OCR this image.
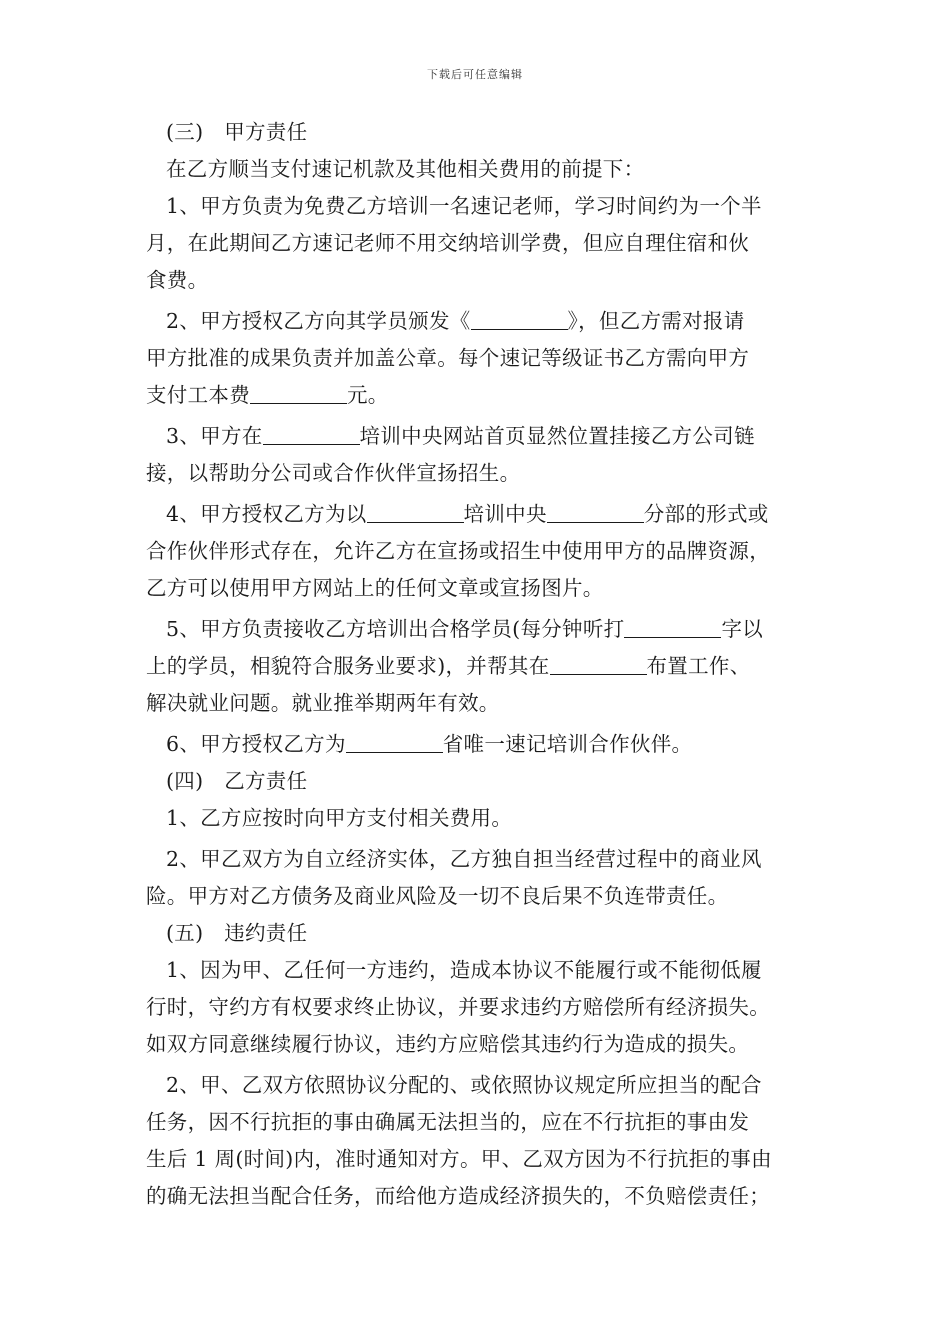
下载后可任意编辑
(三)　甲方责任
在乙方顺当支付速记机款及其他相关费用的前提下：
1、甲方负责为免费乙方培训一名速记老师，学习时间约为一个半
月，在此期间乙方速记老师不用交纳培训学费，但应自理住宿和伙
食费。
2、甲方授权乙方向其学员颁发《	》，但乙方需对报请
甲方批准的成果负责并加盖公章。每个速记等级证书乙方需向甲方
支付工本费	元。
3、甲方在	培训中央网站首页显然位置挂接乙方公司链
接，以帮助分公司或合作伙伴宣扬招生。
4、甲方授权乙方为以	培训中央	分部的形式或
合作伙伴形式存在，允许乙方在宣扬或招生中使用甲方的品牌资源，
乙方可以使用甲方网站上的任何文章或宣扬图片。
5、甲方负责接收乙方培训出合格学员(每分钟听打	字以
上的学员，相貌符合服务业要求)，并帮其在	布置工作、
解决就业问题。就业推举期两年有效。
6、甲方授权乙方为	省唯一速记培训合作伙伴。
(四)　乙方责任
1、乙方应按时向甲方支付相关费用。
2、甲乙双方为自立经济实体，乙方独自担当经营过程中的商业风
险。甲方对乙方债务及商业风险及一切不良后果不负连带责任。
(五)　违约责任
1、因为甲、乙任何一方违约，造成本协议不能履行或不能彻低履
行时，守约方有权要求终止协议，并要求违约方赔偿所有经济损失。
如双方同意继续履行协议，违约方应赔偿其违约行为造成的损失。
2、甲、乙双方依照协议分配的、或依照协议规定所应担当的配合
任务，因不行抗拒的事由确属无法担当的，应在不行抗拒的事由发
生后 1 周(时间)内，准时通知对方。甲、乙双方因为不行抗拒的事由
的确无法担当配合任务，而给他方造成经济损失的，不负赔偿责任；
